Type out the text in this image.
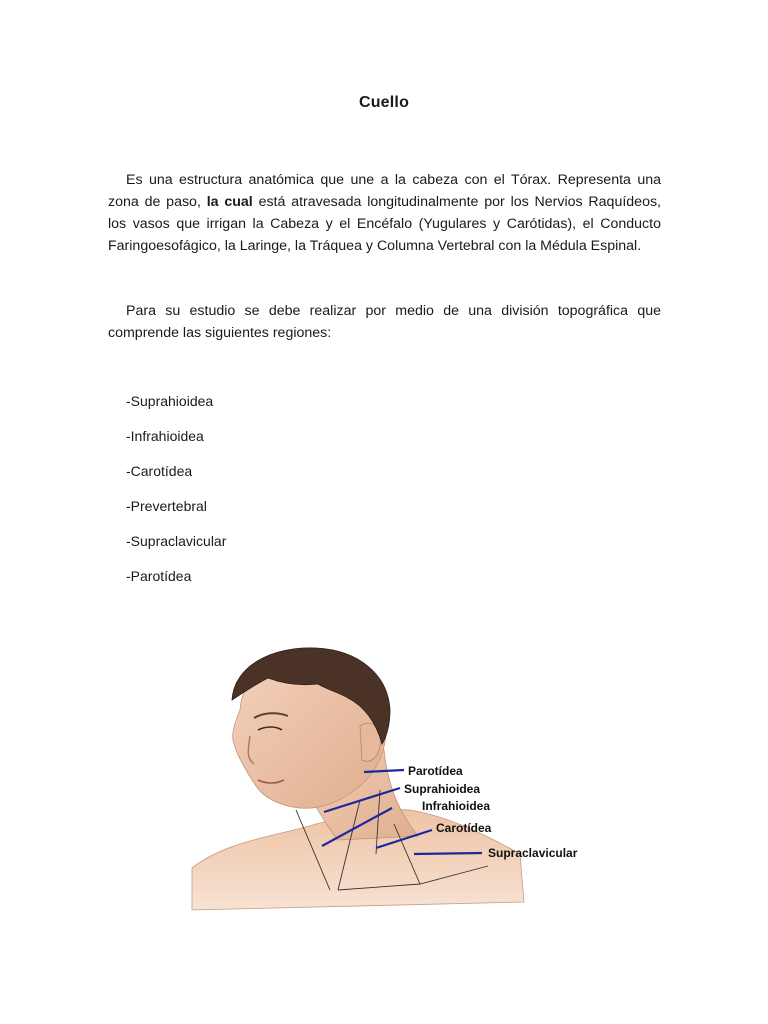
Cuello
Es una estructura anatómica que une a la cabeza con el Tórax. Representa una zona de paso, la cual está atravesada longitudinalmente por los Nervios Raquídeos, los vasos que irrigan la Cabeza y el Encéfalo (Yugulares y Carótidas), el Conducto Faringoesofágico, la Laringe, la Tráquea y Columna Vertebral con la Médula Espinal.
Para su estudio se debe realizar por medio de una división topográfica que comprende las siguientes regiones:
-Suprahioidea
-Infrahioidea
-Carotídea
-Prevertebral
-Supraclavicular
-Parotídea
Parotídea
Suprahioidea
Infrahioidea
Carotídea
Supraclavicular
